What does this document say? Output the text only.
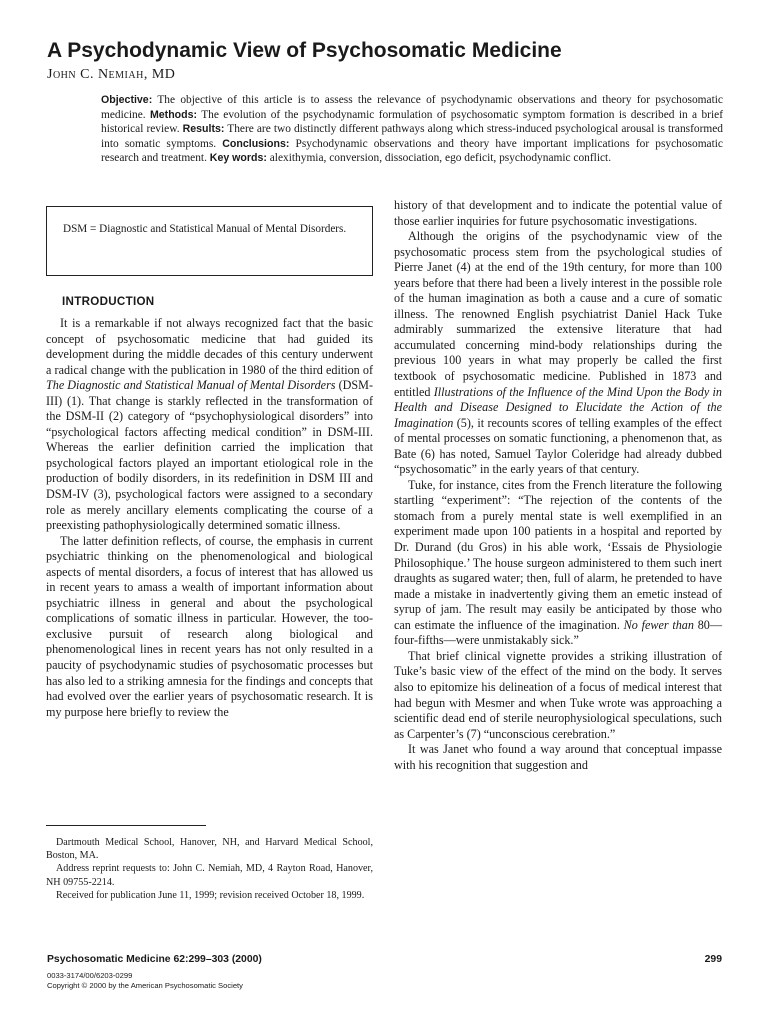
A Psychodynamic View of Psychosomatic Medicine

John C. Nemiah, MD

Objective: The objective of this article is to assess the relevance of psychodynamic observations and theory for psychosomatic medicine. Methods: The evolution of the psychodynamic formulation of psychosomatic symptom formation is described in a brief historical review. Results: There are two distinctly different pathways along which stress-induced psychological arousal is transformed into somatic symptoms. Conclusions: Psychodynamic observations and theory have important implications for psychosomatic research and treatment. Key words: alexithymia, conversion, dissociation, ego deficit, psychodynamic conflict.

DSM = Diagnostic and Statistical Manual of Mental Disorders.

INTRODUCTION

It is a remarkable if not always recognized fact that the basic concept of psychosomatic medicine that had guided its development during the middle decades of this century underwent a radical change with the publication in 1980 of the third edition of The Diagnostic and Statistical Manual of Mental Disorders (DSM-III) (1). That change is starkly reflected in the transformation of the DSM-II (2) category of “psychophysiological disorders” into “psychological factors affecting medical condition” in DSM-III. Whereas the earlier definition carried the implication that psychological factors played an important etiological role in the production of bodily disorders, in its redefinition in DSM III and DSM-IV (3), psychological factors were assigned to a secondary role as merely ancillary elements complicating the course of a preexisting pathophysiologically determined somatic illness.

The latter definition reflects, of course, the emphasis in current psychiatric thinking on the phenomenological and biological aspects of mental disorders, a focus of interest that has allowed us in recent years to amass a wealth of important information about psychiatric illness in general and about the psychological complications of somatic illness in particular. However, the too-exclusive pursuit of research along biological and phenomenological lines in recent years has not only resulted in a paucity of psychodynamic studies of psychosomatic processes but has also led to a striking amnesia for the findings and concepts that had evolved over the earlier years of psychosomatic research. It is my purpose here briefly to review the

history of that development and to indicate the potential value of those earlier inquiries for future psychosomatic investigations.

Although the origins of the psychodynamic view of the psychosomatic process stem from the psychological studies of Pierre Janet (4) at the end of the 19th century, for more than 100 years before that there had been a lively interest in the possible role of the human imagination as both a cause and a cure of somatic illness. The renowned English psychiatrist Daniel Hack Tuke admirably summarized the extensive literature that had accumulated concerning mind-body relationships during the previous 100 years in what may properly be called the first textbook of psychosomatic medicine. Published in 1873 and entitled Illustrations of the Influence of the Mind Upon the Body in Health and Disease Designed to Elucidate the Action of the Imagination (5), it recounts scores of telling examples of the effect of mental processes on somatic functioning, a phenomenon that, as Bate (6) has noted, Samuel Taylor Coleridge had already dubbed “psychosomatic” in the early years of that century.

Tuke, for instance, cites from the French literature the following startling “experiment”: “The rejection of the contents of the stomach from a purely mental state is well exemplified in an experiment made upon 100 patients in a hospital and reported by Dr. Durand (du Gros) in his able work, ‘Essais de Physiologie Philosophique.’ The house surgeon administered to them such inert draughts as sugared water; then, full of alarm, he pretended to have made a mistake in inadvertently giving them an emetic instead of syrup of jam. The result may easily be anticipated by those who can estimate the influence of the imagination. No fewer than 80—four-fifths—were unmistakably sick.”

That brief clinical vignette provides a striking illustration of Tuke’s basic view of the effect of the mind on the body. It serves also to epitomize his delineation of a focus of medical interest that had begun with Mesmer and when Tuke wrote was approaching a scientific dead end of sterile neurophysiological speculations, such as Carpenter’s (7) “unconscious cerebration.”

It was Janet who found a way around that conceptual impasse with his recognition that suggestion and

Dartmouth Medical School, Hanover, NH, and Harvard Medical School, Boston, MA.

Address reprint requests to: John C. Nemiah, MD, 4 Rayton Road, Hanover, NH 09755-2214.

Received for publication June 11, 1999; revision received October 18, 1999.

Psychosomatic Medicine 62:299–303 (2000)	299

0033-3174/00/6203-0299

Copyright © 2000 by the American Psychosomatic Society
